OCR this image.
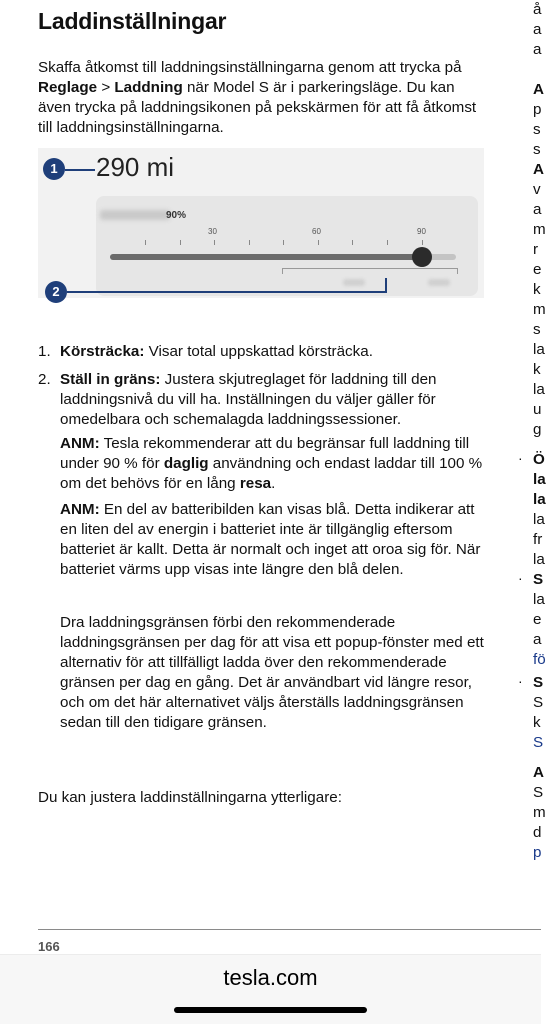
Laddinställningar
Skaffa åtkomst till laddningsinställningarna genom att trycka på Reglage > Laddning när Model S är i parkeringsläge. Du kan även trycka på laddningsikonen på pekskärmen för att få åtkomst till laddningsinställningarna.
1 290 mi
90%
30	60	90
2
1. Körsträcka: Visar total uppskattad körsträcka.
2. Ställ in gräns: Justera skjutreglaget för laddning till den laddningsnivå du vill ha. Inställningen du väljer gäller för omedelbara och schemalagda laddningssessioner.
ANM: Tesla rekommenderar att du begränsar full laddning till under 90 % för daglig användning och endast laddar till 100 % om det behövs för en lång resa.
ANM: En del av batteribilden kan visas blå. Detta indikerar att en liten del av energin i batteriet inte är tillgänglig eftersom batteriet är kallt. Detta är normalt och inget att oroa sig för. När batteriet värms upp visas inte längre den blå delen.
Dra laddningsgränsen förbi den rekommenderade laddningsgränsen per dag för att visa ett popup-fönster med ett alternativ för att tillfälligt ladda över den rekommenderade gränsen per dag en gång. Det är användbart vid längre resor, och om det här alternativet väljs återställs laddningsgränsen sedan till den tidigare gränsen.
Du kan justera laddinställningarna ytterligare:
å
a
a
A
p
s
s
A
v
a
m
r
e
k
m
s
la
k
la
u
g
Ö
la
la
la
fr
la
S
la
e
a
fö
S
S
k
S
A
S
m
d
p
·
·
·
166
tesla.com
